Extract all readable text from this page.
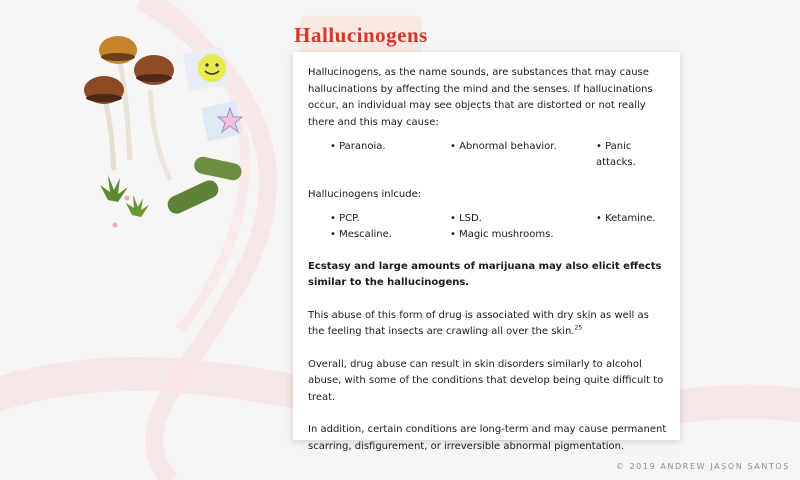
Hallucinogens

Hallucinogens, as the name sounds, are substances that may cause hallucinations by affecting the mind and the senses. If hallucinations occur, an individual may see objects that are distorted or not really there and this may cause:

• Paranoia.	• Abnormal behavior.	• Panic attacks.

Hallucinogens inlcude:

• PCP.	• LSD.	• Ketamine.
• Mescaline.	• Magic mushrooms.

Ecstasy and large amounts of marijuana may also elicit effects similar to the hallucinogens.

This abuse of this form of drug is associated with dry skin as well as the feeling that insects are crawling all over the skin.$^{25}$

Overall, drug abuse can result in skin disorders similarly to alcohol abuse, with some of the conditions that develop being quite difficult to treat.

In addition, certain conditions are long-term and may cause permanent scarring, disfigurement, or irreversible abnormal pigmentation.

© 2019 ANDREW JASON SANTOS
